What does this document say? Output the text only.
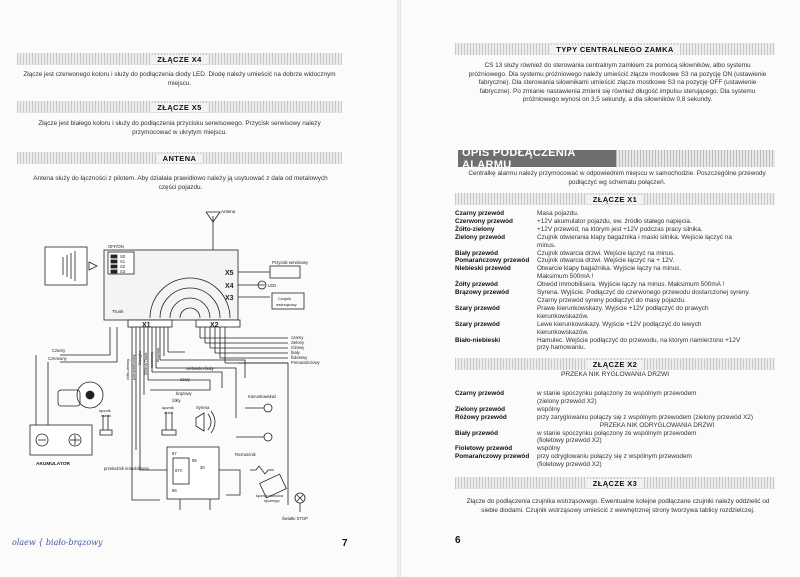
ZŁĄCZE X4
Złącze jest czerwonego koloru i służy do podłączenia diody LED. Diodę należy umieścić na dobrze widocznym miejscu.
ZŁĄCZE X5
Złącze jest białego koloru i służy do podłączenia przycisku serwisowego. Przycisk serwisowy należy przymocować w ukrytym miejscu.
ANTENA
Antena służy do łączności z pilotem. Aby działała prawidłowo należy ją usytuować z dala od metalowych części pojazdu.
Antena
OFF/ON
S0
S1
S2
S3	X5
X4
X3
Trunk
X1	X2
Przycisk serwisowy
LED
Czujnik
wstrząsowy
czarny
zielony
różowy
biały
fioletowy
Pomarańczowy
Czarny
Czerwony
niebiesko-biały
szary
brązowy
żółty
Kierunkowskaz
łącznik
maski
łącznik
drzwi
Syrena
AKUMULATOR
przekaźnik immobilisera
Rozrusznik
87
85
87A
30
86
łącznik hamulca
ręcznego
Światło STOP
żółto-zielony pomarańczowy Stacyjka 500mA Trunk czerwony brązowy
7
olaew { biało-brązowy
TYPY CENTRALNEGO ZAMKA
CS 13 służy również do sterowania centralnym zamkiem za pomocą siłowników, albo systemu próżniowego. Dla systemu próżniowego należy umieścić złącze mostkowe S3 na pozycję ON (ustawienie fabryczne). Dla sterowania siłownikami umieścić złącze mostkowe S3 na pozycję OFF (ustawienie fabryczne). Po zmianie nastawienia zmieni się również długość impulsu sterującego. Dla systemu próżniowego wynosi on 3,5 sekundy, a dla siłowników 0,8 sekundy.
OPIS PODŁĄCZENIA ALARMU
Centralkę alarmu należy przymocować w odpowiednim miejscu w samochodzie. Poszczególne przewody podłączyć wg schematu połączeń.
ZŁĄCZE X1
Czarny przewód	Masa pojazdu.
Czerwony przewód	+12V akumulator pojazdu, ew. źródło stałego napięcia.
Żółto-zielony	+12V przewód, na którym jest +12V podczas pracy silnika.
Zielony przewód	Czujnik otwierania klapy bagażnika i maski silnika. Wejście łączyć na
minus.
Biały przewód	Czujnik otwarcia drzwi. Wejście łączyć na minus.
Pomarańczowy przewód	Czujnik otwarcia drzwi. Wejście łączyć na + 12V.
Niebieski przewód	Otwarcie klapy bagażnika. Wyjście łączy na minus.
Maksimum 500mA !
Żółty przewód	Obwód immobilisera. Wyjście łączy na minus. Maksimum 500mA !
Brązowy przewód	Syrena. Wyjście. Podłączyć do czerwonego przewodu dostarczonej syreny.
Czarny przewód syreny podłączyć do masy pojazdu.
Szary przewód	Prawe kierunkowskazy. Wyjście +12V podłączyć do prawych
kierunkowskazów.
Szary przewód	Lewe kierunkowskazy. Wyjście +12V podłączyć do lewych
kierunkowskazów.
Biało-niebieski	Hamulec. Wejście podłączyć do przewodu, na którym namierzono +12V
przy hamowaniu.
ZŁĄCZE X2
PRZEKA NIK RYGLOWANIA DRZWI
Czarny przewód	w stanie spoczynku połączony ze wspólnym przewodem
(zielony przewód X2)
Zielony przewód	wspólny
Różowy przewód	przy zaryglowaniu połączy się z wspólnym przewodem (zielony przewód X2)
PRZEKA NIK ODRYGLOWANIA DRZWI
Biały przewód	w stanie spoczynku połączony ze wspólnym przewodem
(fioletowy przewód X2)
Fioletowy przewód	wspólny
Pomarańczowy przewód	przy odryglowaniu połączy się z wspólnym przewodem
(fioletowy przewód X2)
ZŁĄCZE X3
Złącze do podłączenia czujnika wstrząsowego. Ewentualne kolejne podłączane czujniki należy oddzielić od siebie diodami. Czujnik wstrząsowy umieścić z wewnętrznej strony tworzywa tablicy rozdzielczej.
6
